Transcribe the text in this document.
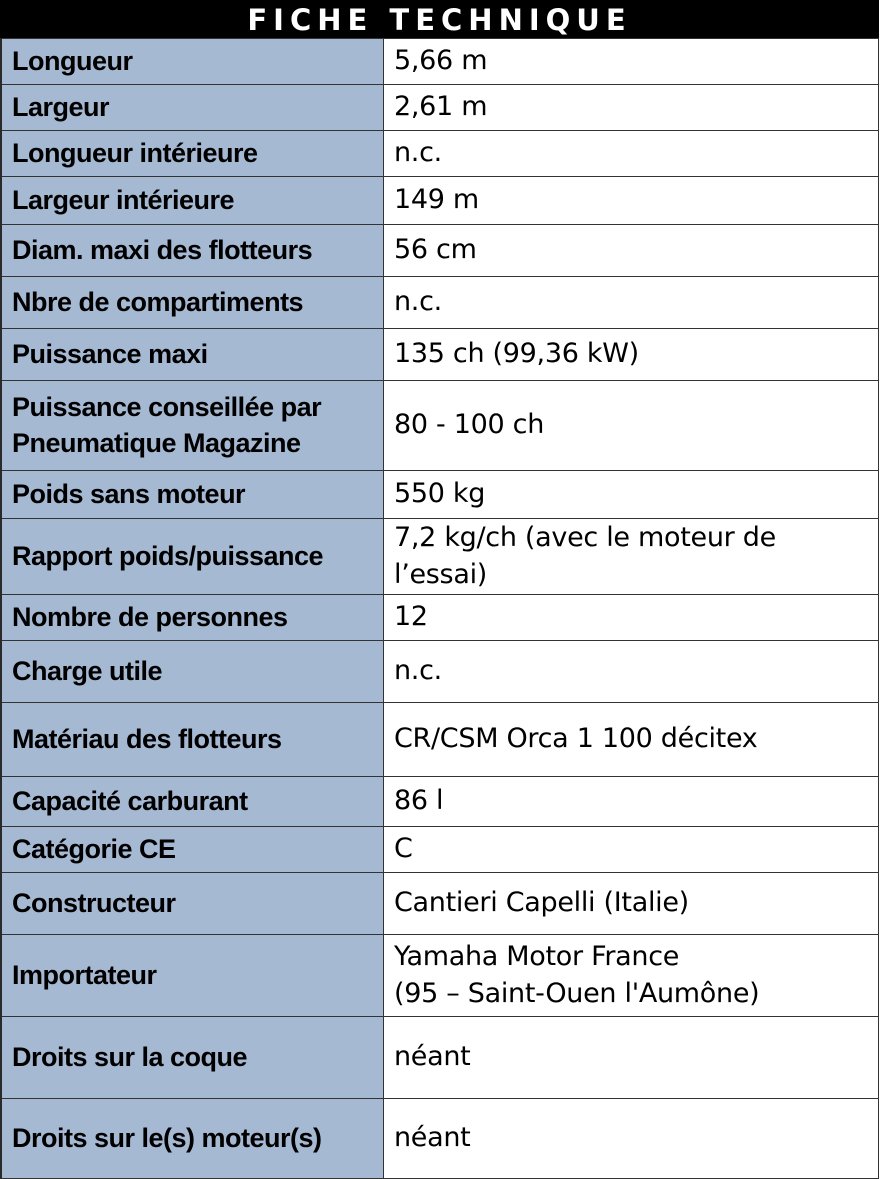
FICHE TECHNIQUE
Longueur	5,66 m
Largeur	2,61 m
Longueur intérieure	n.c.
Largeur intérieure	149 m
Diam. maxi des flotteurs	56 cm
Nbre de compartiments	n.c.
Puissance maxi	135 ch (99,36 kW)

Puissance conseillée par
Pneumatique Magazine	80 - 100 ch
Poids sans moteur	550 kg
Rapport poids/puissance	7,2 kg/ch (avec le moteur de l’essai)
Nombre de personnes	12
Charge utile	n.c.
Matériau des flotteurs	CR/CSM Orca 1 100 décitex
Capacité carburant	86 l
Catégorie CE	C
Constructeur	Cantieri Capelli (Italie)
Importateur	Yamaha Motor France
(95 – Saint-Ouen l'Aumône)

Droits sur la coque	néant
Droits sur le(s) moteur(s)	néant
